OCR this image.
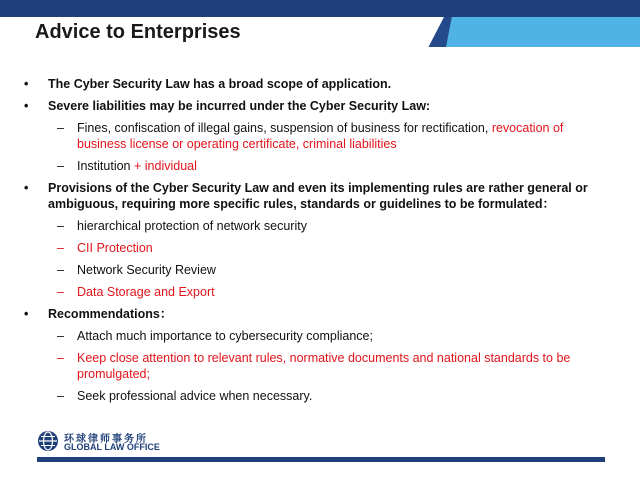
Advice to Enterprises
• The Cyber Security Law has a broad scope of application.
• Severe liabilities may be incurred under the Cyber Security Law:
– Fines, confiscation of illegal gains, suspension of business for rectification, revocation of business license or operating certificate, criminal liabilities
– Institution + individual
• Provisions of the Cyber Security Law and even its implementing rules are rather general or ambiguous, requiring more specific rules, standards or guidelines to be formulated：
– hierarchical protection of network security
– CII Protection
– Network Security Review
– Data Storage and Export
• Recommendations：
– Attach much importance to cybersecurity compliance;
– Keep close attention to relevant rules, normative documents and national standards to be promulgated;
– Seek professional advice when necessary.
环球律师事务所
GLOBAL LAW OFFICE
